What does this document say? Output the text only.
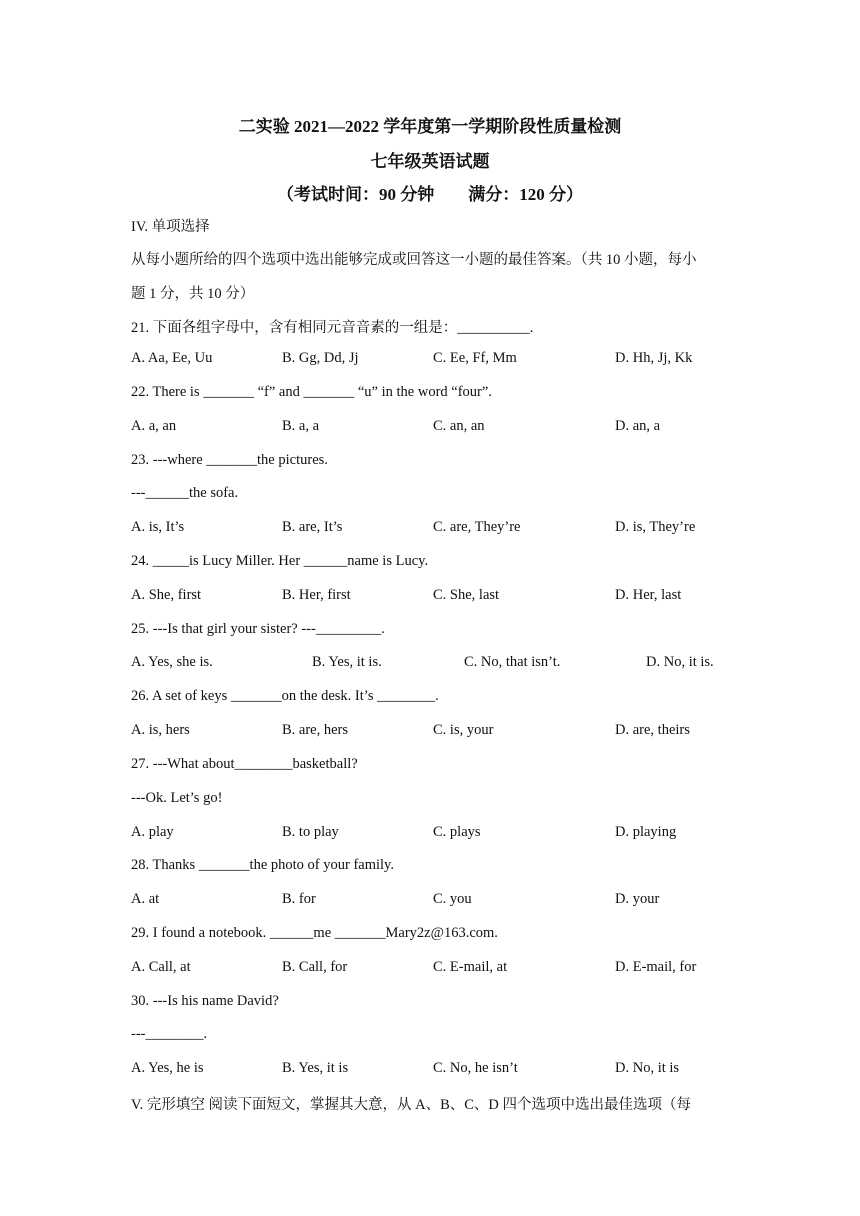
二实验 2021—2022 学年度第一学期阶段性质量检测
七年级英语试题
（考试时间：90 分钟　　满分：120 分）
IV. 单项选择
从每小题所给的四个选项中选出能够完成或回答这一小题的最佳答案。（共 10 小题，每小
题 1 分，共 10 分）
21. 下面各组字母中，含有相同元音音素的一组是：__________.
A. Aa, Ee, Uu	B. Gg, Dd, Jj	C. Ee, Ff, Mm	D. Hh, Jj, Kk
22. There is _______ “f” and _______ “u” in the word “four”.
A. a, an	B. a, a	C. an, an	D. an, a
23. ---where _______the pictures.
---______the sofa.
A. is, It’s	B. are, It’s	C. are, They’re	D. is, They’re
24. _____is Lucy Miller. Her ______name is Lucy.
A. She, first	B. Her, first	C. She, last	D. Her, last
25. ---Is that girl your sister? ---_________.
A. Yes, she is.	B. Yes, it is.	C. No, that isn’t.	D. No, it is.
26. A set of keys _______on the desk. It’s ________.
A. is, hers	B. are, hers	C. is, your	D. are, theirs
27. ---What about________basketball?
---Ok. Let’s go!
A. play	B. to play	C. plays	D. playing
28. Thanks _______the photo of your family.
A. at	B. for	C. you	D. your
29. I found a notebook. ______me _______Mary2z@163.com.
A. Call, at	B. Call, for	C. E-mail, at	D. E-mail, for
30. ---Is his name David?
---________.
A. Yes, he is	B. Yes, it is	C. No, he isn’t	D. No, it is
V. 完形填空 阅读下面短文，掌握其大意，从 A、B、C、D 四个选项中选出最佳选项（每
